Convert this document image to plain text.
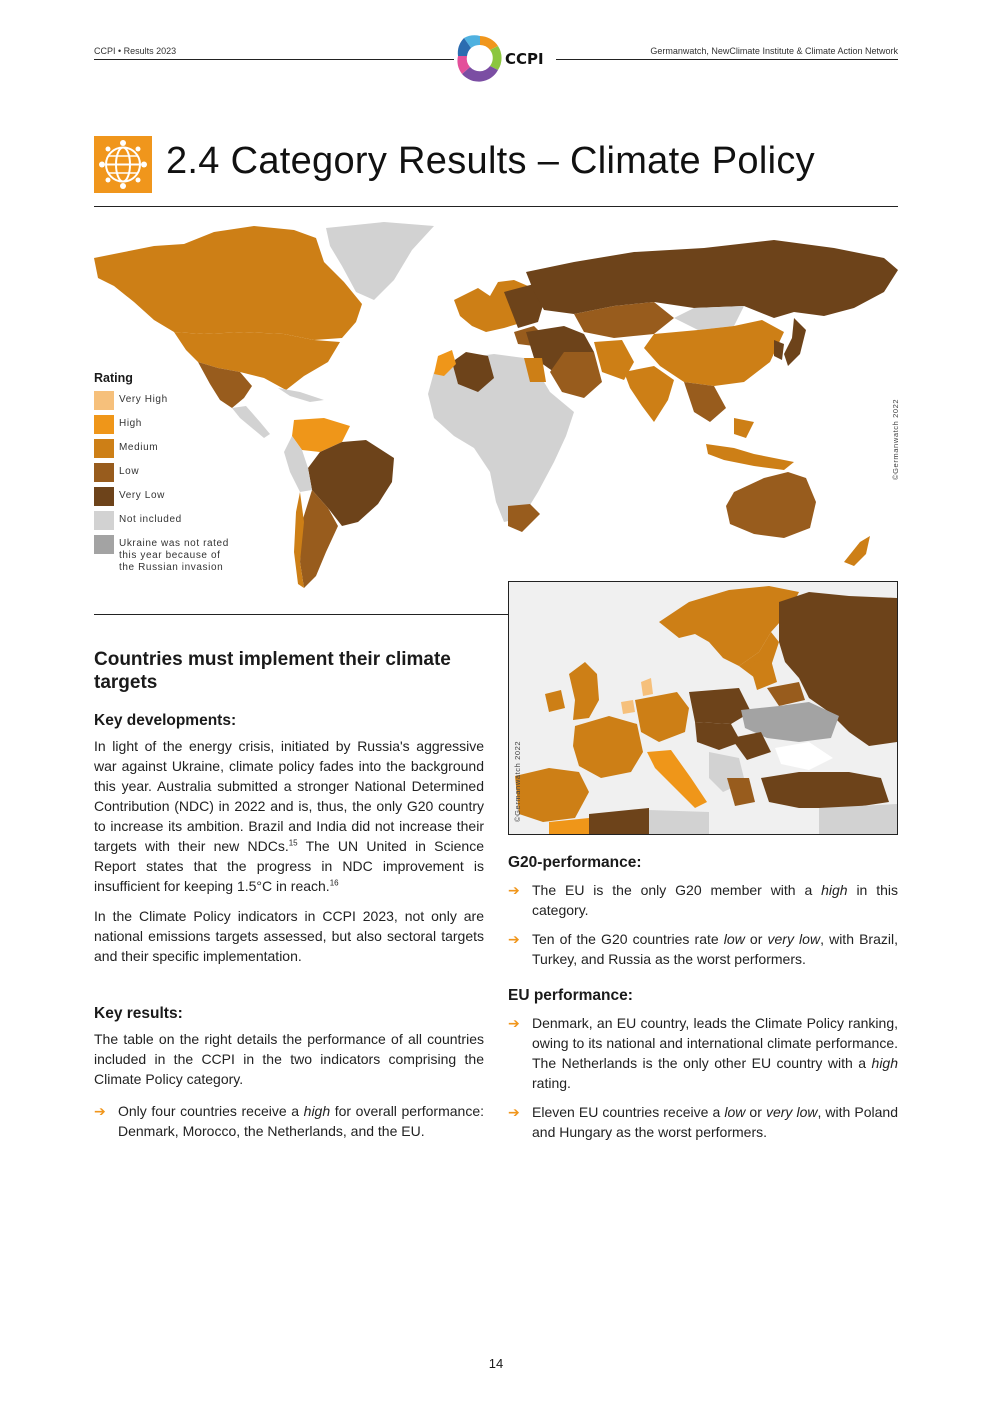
CCPI • Results 2023	Germanwatch, NewClimate Institute & Climate Action Network
CCPI
2.4 Category Results – Climate Policy
©Germanwatch 2022
Rating
Very High
High
Medium
Low
Very Low
Not included
Ukraine was not rated this year because of the Russian invasion
©Germanwatch 2022
Countries must implement their climate targets
Key developments:

In light of the energy crisis, initiated by Russia's aggressive war against Ukraine, climate policy fades into the background this year. Australia submitted a stronger National Determined Contribution (NDC) in 2022 and is, thus, the only G20 country to increase its ambition. Brazil and India did not increase their targets with their new NDCs.$^{15}$ The UN United in Science Report states that the progress in NDC improvement is insufficient for keeping 1.5°C in reach.$^{16}$

In the Climate Policy indicators in CCPI 2023, not only are national emissions targets assessed, but also sectoral targets and their specific implementation.

Key results:

The table on the right details the performance of all countries included in the CCPI in the two indicators comprising the Climate Policy category.

➔ Only four countries receive a high for overall performance: Denmark, Morocco, the Netherlands, and the EU.
G20-performance:
➔ The EU is the only G20 member with a high in this category.
➔ Ten of the G20 countries rate low or very low, with Brazil, Turkey, and Russia as the worst performers.
EU performance:
➔ Denmark, an EU country, leads the Climate Policy ranking, owing to its national and international climate performance. The Netherlands is the only other EU country with a high rating.
➔ Eleven EU countries receive a low or very low, with Poland and Hungary as the worst performers.
14
